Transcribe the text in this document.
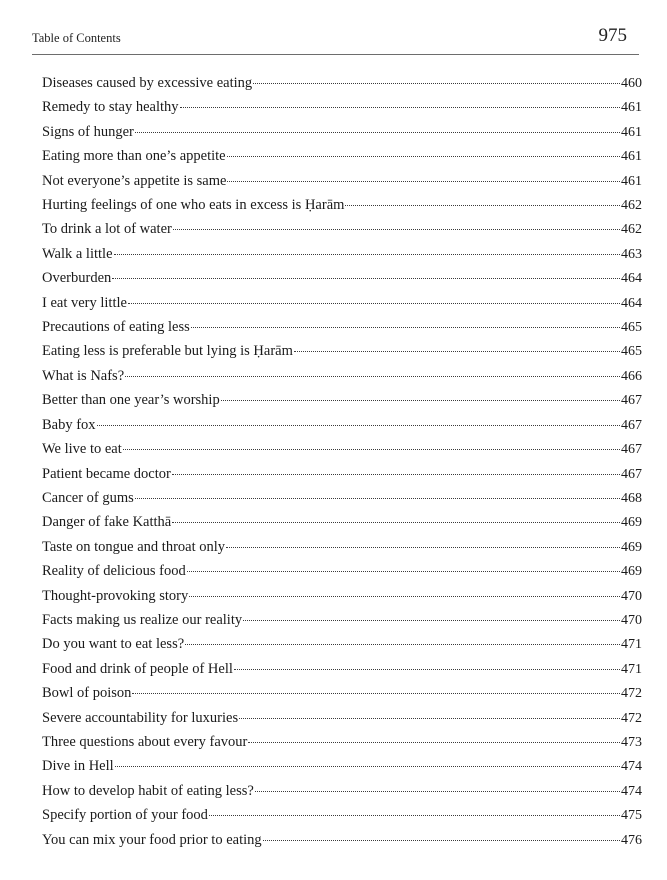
Table of Contents	975
Diseases caused by excessive eating	460
Remedy to stay healthy	461
Signs of hunger	461
Eating more than one’s appetite	461
Not everyone’s appetite is same	461
Hurting feelings of one who eats in excess is Ḥarām	462
To drink a lot of water	462
Walk a little	463
Overburden	464
I eat very little	464
Precautions of eating less	465
Eating less is preferable but lying is Ḥarām	465
What is Nafs?	466
Better than one year’s worship	467
Baby fox	467
We live to eat	467
Patient became doctor	467
Cancer of gums	468
Danger of fake Katthā	469
Taste on tongue and throat only	469
Reality of delicious food	469
Thought-provoking story	470
Facts making us realize our reality	470
Do you want to eat less?	471
Food and drink of people of Hell	471
Bowl of poison	472
Severe accountability for luxuries	472
Three questions about every favour	473
Dive in Hell	474
How to develop habit of eating less?	474
Specify portion of your food	475
You can mix your food prior to eating	476
